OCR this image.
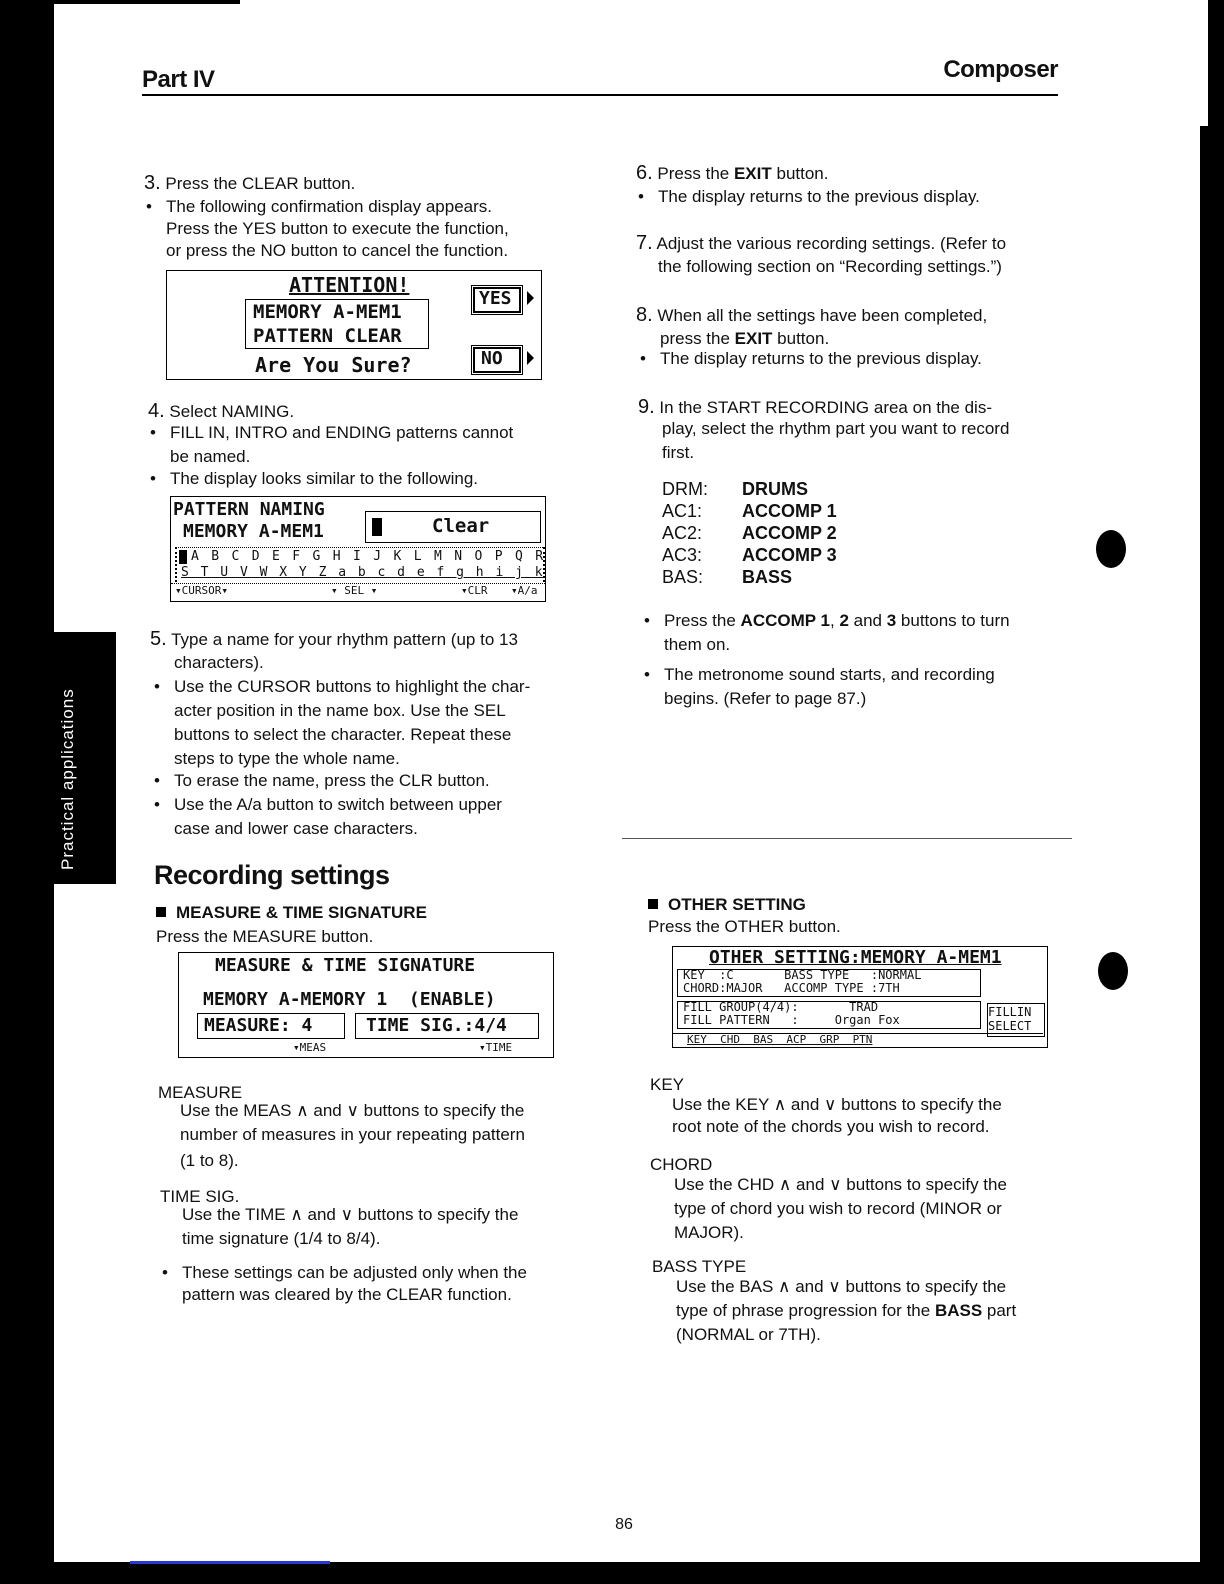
Practical applications
Part IV	Composer
3. Press the CLEAR button.
• The following confirmation display appears.
Press the YES button to execute the function,
or press the NO button to cancel the function.
ATTENTION!
MEMORY A-MEM1
PATTERN CLEAR
Are You Sure?
YES
NO
4. Select NAMING.
• FILL IN, INTRO and ENDING patterns cannot
be named.
• The display looks similar to the following.
PATTERN NAMING
MEMORY A-MEM1	Clear
A B C D E F G H I J K L M N O P Q R
S T U V W X Y Z a b c d e f g h i j k
▾CURSOR▾	▾ SEL ▾	▾CLR ▾A/a
5. Type a name for your rhythm pattern (up to 13
characters).
• Use the CURSOR buttons to highlight the char-
acter position in the name box. Use the SEL
buttons to select the character. Repeat these
steps to type the whole name.
• To erase the name, press the CLR button.
• Use the A/a button to switch between upper
case and lower case characters.
6. Press the EXIT button.
• The display returns to the previous display.
7. Adjust the various recording settings. (Refer to
the following section on “Recording settings.”)
8. When all the settings have been completed,
press the EXIT button.
• The display returns to the previous display.
9. In the START RECORDING area on the dis-
play, select the rhythm part you want to record
first.
DRM:	DRUMS
AC1:	ACCOMP 1
AC2:	ACCOMP 2
AC3:	ACCOMP 3
BAS:	BASS
• Press the ACCOMP 1, 2 and 3 buttons to turn
them on.
• The metronome sound starts, and recording
begins. (Refer to page 87.)
Recording settings
MEASURE & TIME SIGNATURE
Press the MEASURE button.
MEASURE & TIME SIGNATURE
MEMORY A-MEMORY 1  (ENABLE)
MEASURE: 4	TIME SIG.:4/4
▾MEAS	▾TIME
MEASURE
Use the MEAS ∧ and ∨ buttons to specify the
number of measures in your repeating pattern
(1 to 8).
TIME SIG.
Use the TIME ∧ and ∨ buttons to specify the
time signature (1/4 to 8/4).
• These settings can be adjusted only when the
pattern was cleared by the CLEAR function.
OTHER SETTING
Press the OTHER button.
OTHER SETTING:MEMORY A-MEM1
KEY  :C       BASS TYPE   :NORMAL
CHORD:MAJOR   ACCOMP TYPE :7TH
FILL GROUP(4/4):       TRAD
FILL PATTERN   :     Organ Fox
FILLIN
SELECT
KEY  CHD  BAS  ACP  GRP  PTN
KEY
Use the KEY ∧ and ∨ buttons to specify the
root note of the chords you wish to record.
CHORD
Use the CHD ∧ and ∨ buttons to specify the
type of chord you wish to record (MINOR or
MAJOR).
BASS TYPE
Use the BAS ∧ and ∨ buttons to specify the
type of phrase progression for the BASS part
(NORMAL or 7TH).
86
